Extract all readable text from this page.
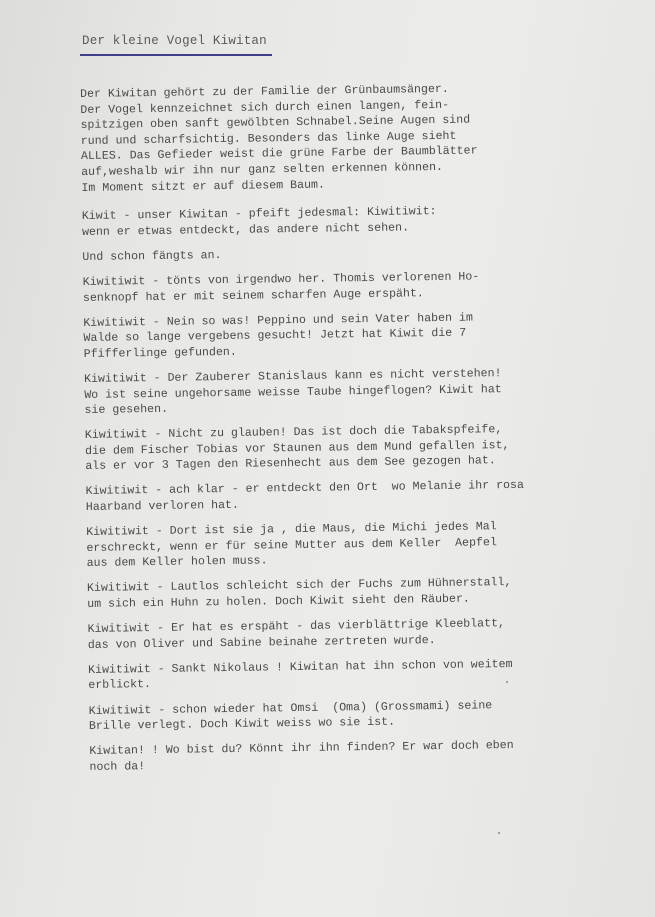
Der kleine Vogel Kiwitan

Der Kiwitan gehört zu der Familie der Grünbaumsänger.
Der Vogel kennzeichnet sich durch einen langen, fein-
spitzigen oben sanft gewölbten Schnabel.Seine Augen sind
rund und scharfsichtig. Besonders das linke Auge sieht
ALLES. Das Gefieder weist die grüne Farbe der Baumblätter
auf,weshalb wir ihn nur ganz selten erkennen können.
Im Moment sitzt er auf diesem Baum.

Kiwit - unser Kiwitan - pfeift jedesmal: Kiwitiwit:
wenn er etwas entdeckt, das andere nicht sehen.

Und schon fängts an.

Kiwitiwit - tönts von irgendwo her. Thomis verlorenen Ho-
senknopf hat er mit seinem scharfen Auge erspäht.

Kiwitiwit - Nein so was! Peppino und sein Vater haben im
Walde so lange vergebens gesucht! Jetzt hat Kiwit die 7
Pfifferlinge gefunden.

Kiwitiwit - Der Zauberer Stanislaus kann es nicht verstehen!
Wo ist seine ungehorsame weisse Taube hingeflogen? Kiwit hat
sie gesehen.

Kiwitiwit - Nicht zu glauben! Das ist doch die Tabakspfeife,
die dem Fischer Tobias vor Staunen aus dem Mund gefallen ist,
als er vor 3 Tagen den Riesenhecht aus dem See gezogen hat.

Kiwitiwit - ach klar - er entdeckt den Ort  wo Melanie ihr rosa
Haarband verloren hat.

Kiwitiwit - Dort ist sie ja , die Maus, die Michi jedes Mal
erschreckt, wenn er für seine Mutter aus dem Keller  Aepfel
aus dem Keller holen muss.

Kiwitiwit - Lautlos schleicht sich der Fuchs zum Hühnerstall,
um sich ein Huhn zu holen. Doch Kiwit sieht den Räuber.

Kiwitiwit - Er hat es erspäht - das vierblättrige Kleeblatt,
das von Oliver und Sabine beinahe zertreten wurde.

Kiwitiwit - Sankt Nikolaus ! Kiwitan hat ihn schon von weitem
erblickt.

Kiwitiwit - schon wieder hat Omsi  (Oma) (Grossmami) seine
Brille verlegt. Doch Kiwit weiss wo sie ist.

Kiwitan! ! Wo bist du? Könnt ihr ihn finden? Er war doch eben
noch da!
